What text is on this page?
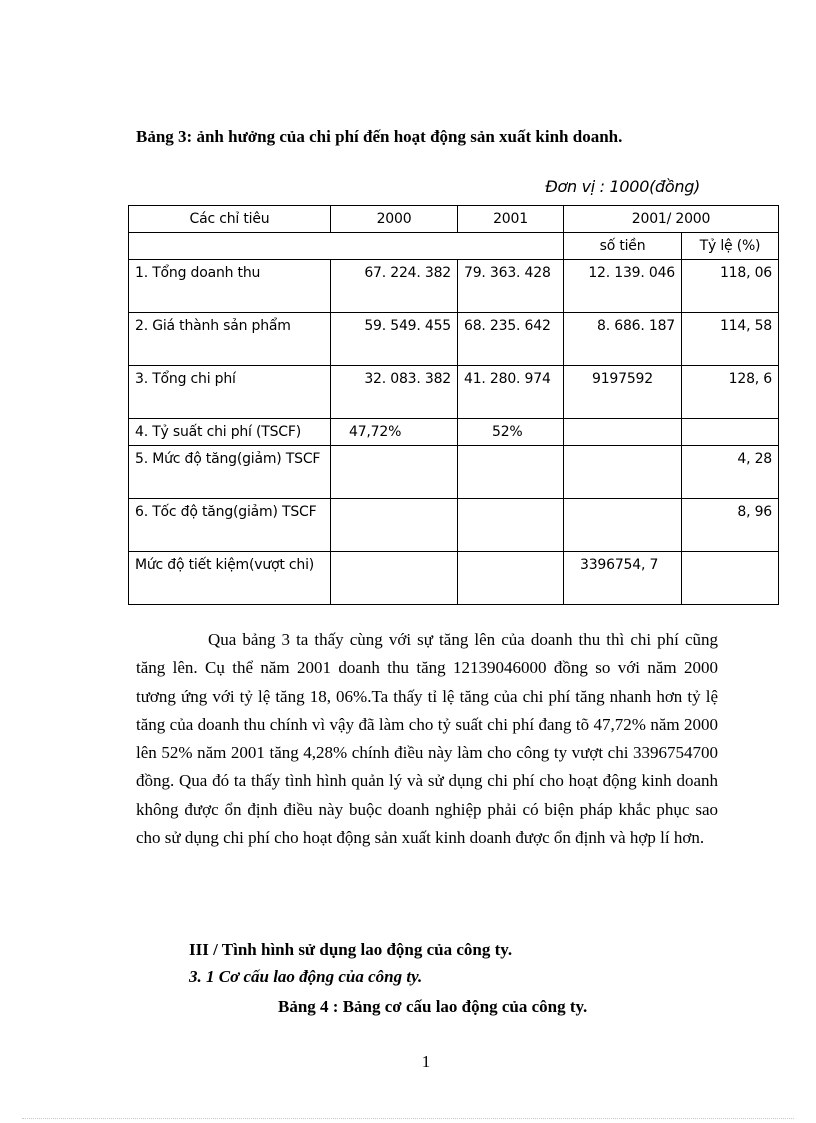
Bảng 3: ảnh hưởng của chi phí đến hoạt động sản xuất kinh doanh.
Đơn vị : 1000(đồng)
Các chỉ tiêu	2000	2001	2001/ 2000	
			số tiền	Tỷ lệ (%)
1. Tổng doanh thu	67. 224. 382	79. 363. 428	12. 139. 046	118, 06
2. Giá thành sản phẩm	59. 549. 455	68. 235. 642	8. 686. 187	114, 58
3. Tổng chi phí	32. 083. 382	41. 280. 974	9197592	128, 6
4. Tỷ suất chi phí (TSCF)	47,72%	52%		
5. Mức độ tăng(giảm) TSCF				4, 28
6. Tốc độ tăng(giảm) TSCF				8, 96
Mức độ tiết kiệm(vượt chi)			3396754, 7	
Qua bảng 3 ta thấy cùng với sự tăng lên của doanh thu thì chi phí cũng tăng lên. Cụ thể năm 2001 doanh thu tăng 12139046000 đồng so với năm 2000 tương ứng với tỷ lệ tăng 18, 06%.Ta thấy tỉ lệ tăng của chi phí tăng nhanh hơn tỷ lệ tăng của doanh thu chính vì vậy đã làm cho tỷ suất chi phí đang tõ 47,72% năm 2000 lên 52% năm 2001 tăng 4,28% chính điều này làm cho công ty vượt chi 3396754700 đồng. Qua đó ta thấy tình hình quản lý và sử dụng chi phí cho hoạt động kinh doanh không được ổn định điều này buộc doanh nghiệp phải có biện pháp khắc phục sao cho sử dụng chi phí cho hoạt động sản xuất kinh doanh được ổn định và hợp lí hơn.
III / Tình hình sử dụng lao động của công ty.
3. 1 Cơ cấu lao động của công ty.
Bảng 4 : Bảng cơ cấu lao động của công ty.
1
